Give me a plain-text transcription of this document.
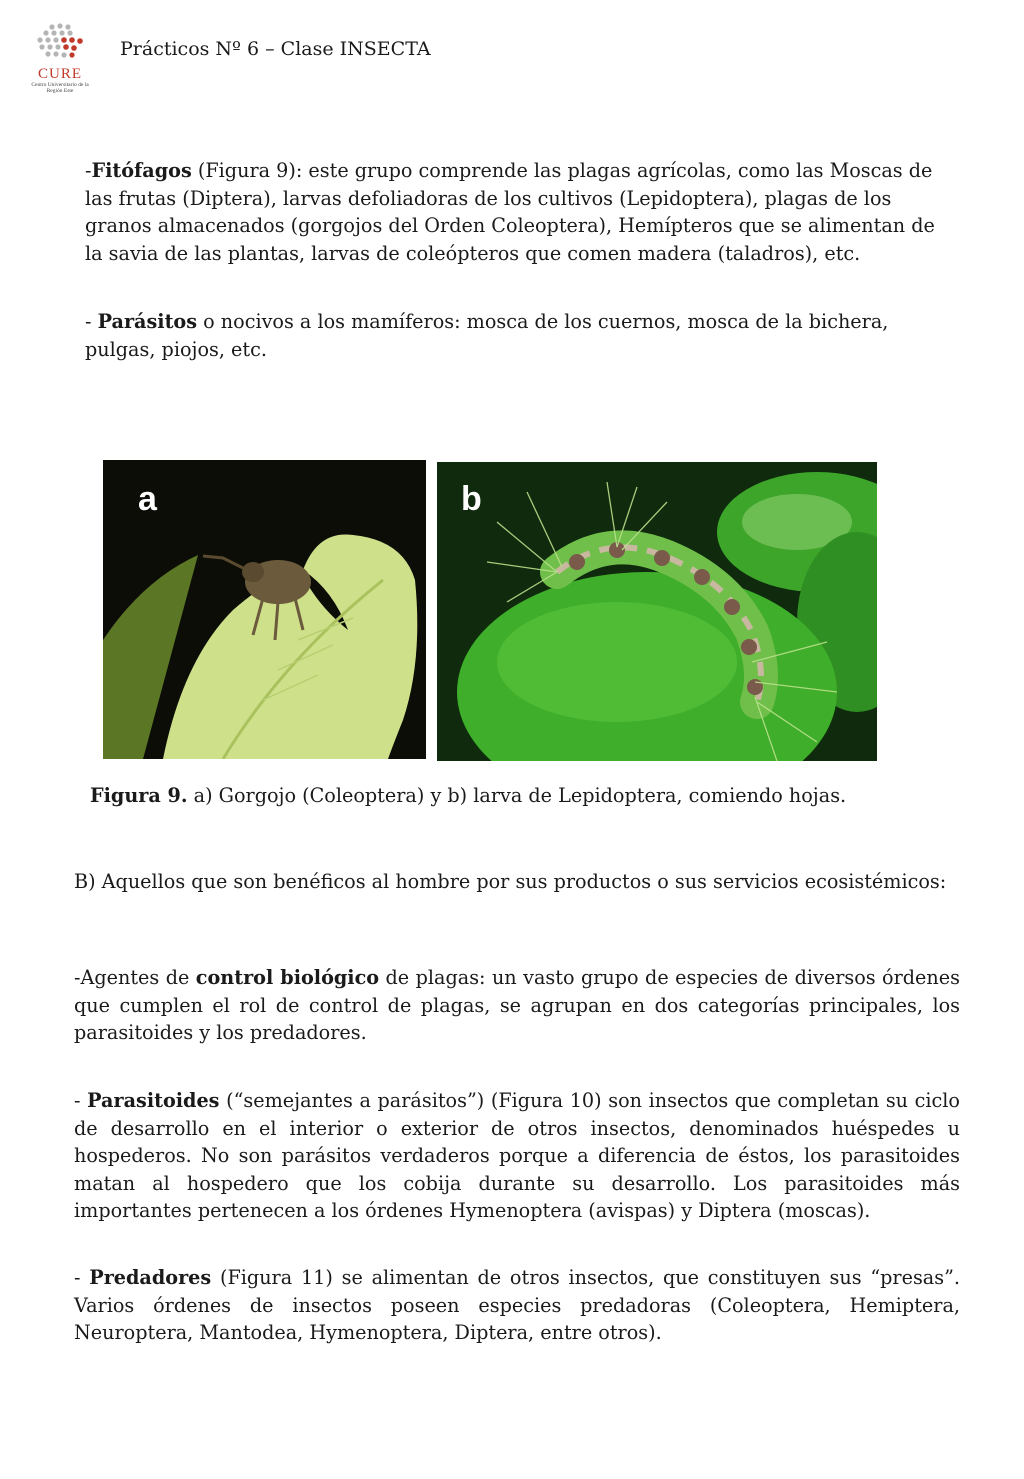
CURE
Centro Universitario de la Región Este
Prácticos Nº 6 – Clase INSECTA

-Fitófagos (Figura 9): este grupo comprende las plagas agrícolas, como las Moscas de las frutas (Diptera), larvas defoliadoras de los cultivos (Lepidoptera), plagas de los granos almacenados (gorgojos del Orden Coleoptera), Hemípteros que se alimentan de la savia de las plantas, larvas de coleópteros que comen madera (taladros), etc.

- Parásitos o nocivos a los mamíferos: mosca de los cuernos, mosca de la bichera, pulgas, piojos, etc.

a	b
Figura 9. a) Gorgojo (Coleoptera) y b) larva de Lepidoptera, comiendo hojas.

B) Aquellos que son benéficos al hombre por sus productos o sus servicios ecosistémicos:

-Agentes de control biológico de plagas: un vasto grupo de especies de diversos órdenes que cumplen el rol de control de plagas, se agrupan en dos categorías principales, los parasitoides y los predadores.

- Parasitoides (“semejantes a parásitos”) (Figura 10) son insectos que completan su ciclo de desarrollo en el interior o exterior de otros insectos, denominados huéspedes u hospederos. No son parásitos verdaderos porque a diferencia de éstos, los parasitoides matan al hospedero que los cobija durante su desarrollo. Los parasitoides más importantes pertenecen a los órdenes Hymenoptera (avispas) y Diptera (moscas).

- Predadores (Figura 11) se alimentan de otros insectos, que constituyen sus “presas”. Varios órdenes de insectos poseen especies predadoras (Coleoptera, Hemiptera, Neuroptera, Mantodea, Hymenoptera, Diptera, entre otros).
